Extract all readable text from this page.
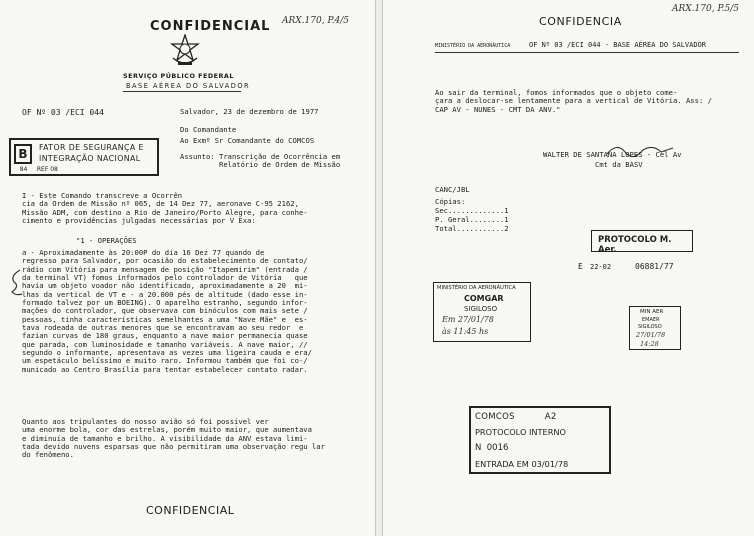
CONFIDENCIAL ARX.170, P.4/5
SERVIÇO PÚBLICO FEDERAL
BASE AÉREA DO SALVADOR
OF Nº 03 /ECI 044	Salvador, 23 de dezembro de 1977
Do Comandante
Ao Exmº Sr Comandante do COMCOS
Assunto: Transcrição de Ocorrência em
Relatório de Ordem de Missão
B	FATOR DE SEGURANÇA E
INTEGRAÇÃO NACIONAL
84     REF 08
I - Este Comando transcreve a Ocorrên
cia da Ordem de Missão nº 065, de 14 Dez 77, aeronave C-95 2162,
Missão ADM, com destino a Rio de Janeiro/Porto Alegre, para conhe-
cimento e providências julgadas necessárias por V Exa:
"1 - OPERAÇÕES
a - Aproximadamente às 20:00P do dia 16 Dez 77 quando de
regresso para Salvador, por ocasião do estabelecimento de contato/
rádio com Vitória para mensagem de posição "Itapemirim" (entrada /
da terminal VT) fomos informados pelo controlador de Vitória   que
havia um objeto voador não identificado, aproximadamente a 20  mi-
lhas da vertical de VT e - a 20.000 pés de altitude (dado esse in-
formado talvez por um BOEING). O aparelho estranho, segundo infor-
mações do controlador, que observava com binóculos com mais sete /
pessoas, tinha características semelhantes a uma "Nave Mãe" e  es-
tava rodeada de outras menores que se encontravam ao seu redor  e
fazian curvas de 180 graus, enquanto a nave maior permanecia quase
que parada, com luminosidade e tamanho variáveis. A nave maior, //
segundo o informante, apresentava as vezes uma ligeira cauda e era/
um espetáculo belíssimo e muito raro. Informou também que foi co-/
municado ao Centro Brasília para tentar estabelecer contato radar.
Quanto aos tripulantes do nosso avião só foi possível ver
uma enorme bola, cor das estrelas, porém muito maior, que aumentava
e diminuía de tamanho e brilho. A visibilidade da ANV estava limi-
tada devido nuvens esparsas que não permitiram uma observação regu lar
do fenômeno.
CONFIDENCIAL
CONFIDENCIA
ARX.170, P.5/5
MINISTÉRIO DA AERONÁUTICA	OF Nº 03 /ECI 044 - BASE AÉREA DO SALVADOR
Ao sair da terminal, fomos informados que o objeto come-
çara a deslocar-se lentamente para a vertical de Vitória. Ass: /
CAP AV - NUNES - CMT DA ANV."
WALTER DE SANTANA LOPES - Cel Av
Cmt da BASV
CANC/JBL
Cópias:
Sec.............1
P. Geral........1
Total...........2
PROTOCOLO M. Aer.
E 22-02	06881/77
MINISTÉRIO DA AERONÁUTICA
COMGAR
SIGILOSO
Em 27/01/78
às 11:45 hs
MIN AER
EMAER
SIGILOSO
27/01/78
14:28
COMCOS          A2
PROTOCOLO INTERNO
N  0016
ENTRADA EM 03/01/78
